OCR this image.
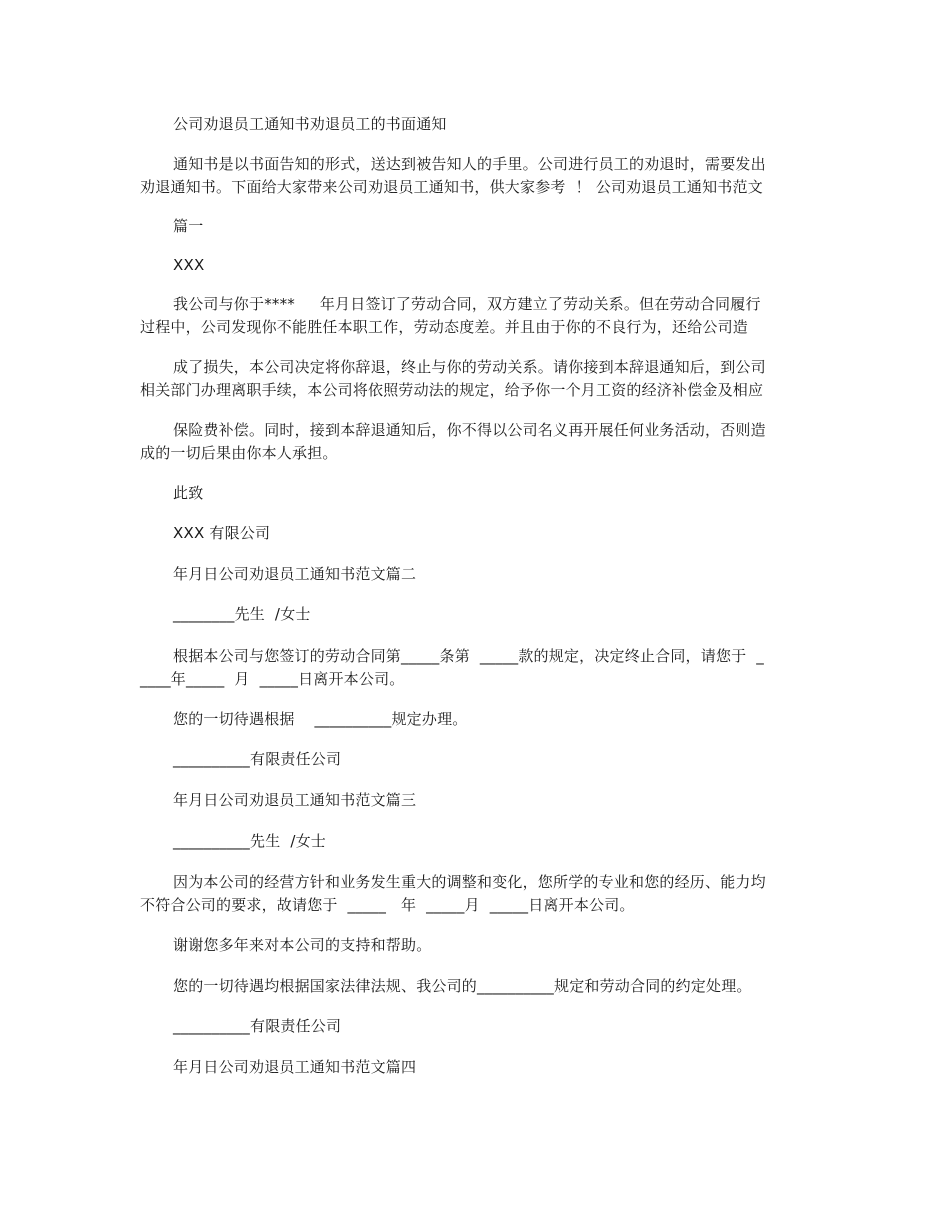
公司劝退员工通知书劝退员工的书面通知
通知书是以书面告知的形式，送达到被告知人的手里。公司进行员工的劝退时，需要发出
劝退通知书。下面给大家带来公司劝退员工通知书，供大家参考  ！ 公司劝退员工通知书范文
篇一
XXX
我公司与你于****     年月日签订了劳动合同，双方建立了劳动关系。但在劳动合同履行
过程中，公司发现你不能胜任本职工作，劳动态度差。并且由于你的不良行为，还给公司造
成了损失，本公司决定将你辞退，终止与你的劳动关系。请你接到本辞退通知后，到公司
相关部门办理离职手续，本公司将依照劳动法的规定，给予你一个月工资的经济补偿金及相应
保险费补偿。同时，接到本辞退通知后，你不得以公司名义再开展任何业务活动，否则造
成的一切后果由你本人承担。
此致
XXX 有限公司
年月日公司劝退员工通知书范文篇二
________先生  /女士
根据本公司与您签订的劳动合同第_____条第  _____款的规定，决定终止合同，请您于  _
____年_____  月  _____日离开本公司。
您的一切待遇根据    __________规定办理。
__________有限责任公司
年月日公司劝退员工通知书范文篇三
__________先生  /女士
因为本公司的经营方针和业务发生重大的调整和变化，您所学的专业和您的经历、能力均
不符合公司的要求，故请您于  _____   年  _____月  _____日离开本公司。
谢谢您多年来对本公司的支持和帮助。
您的一切待遇均根据国家法律法规、我公司的__________规定和劳动合同的约定处理。
__________有限责任公司
年月日公司劝退员工通知书范文篇四
